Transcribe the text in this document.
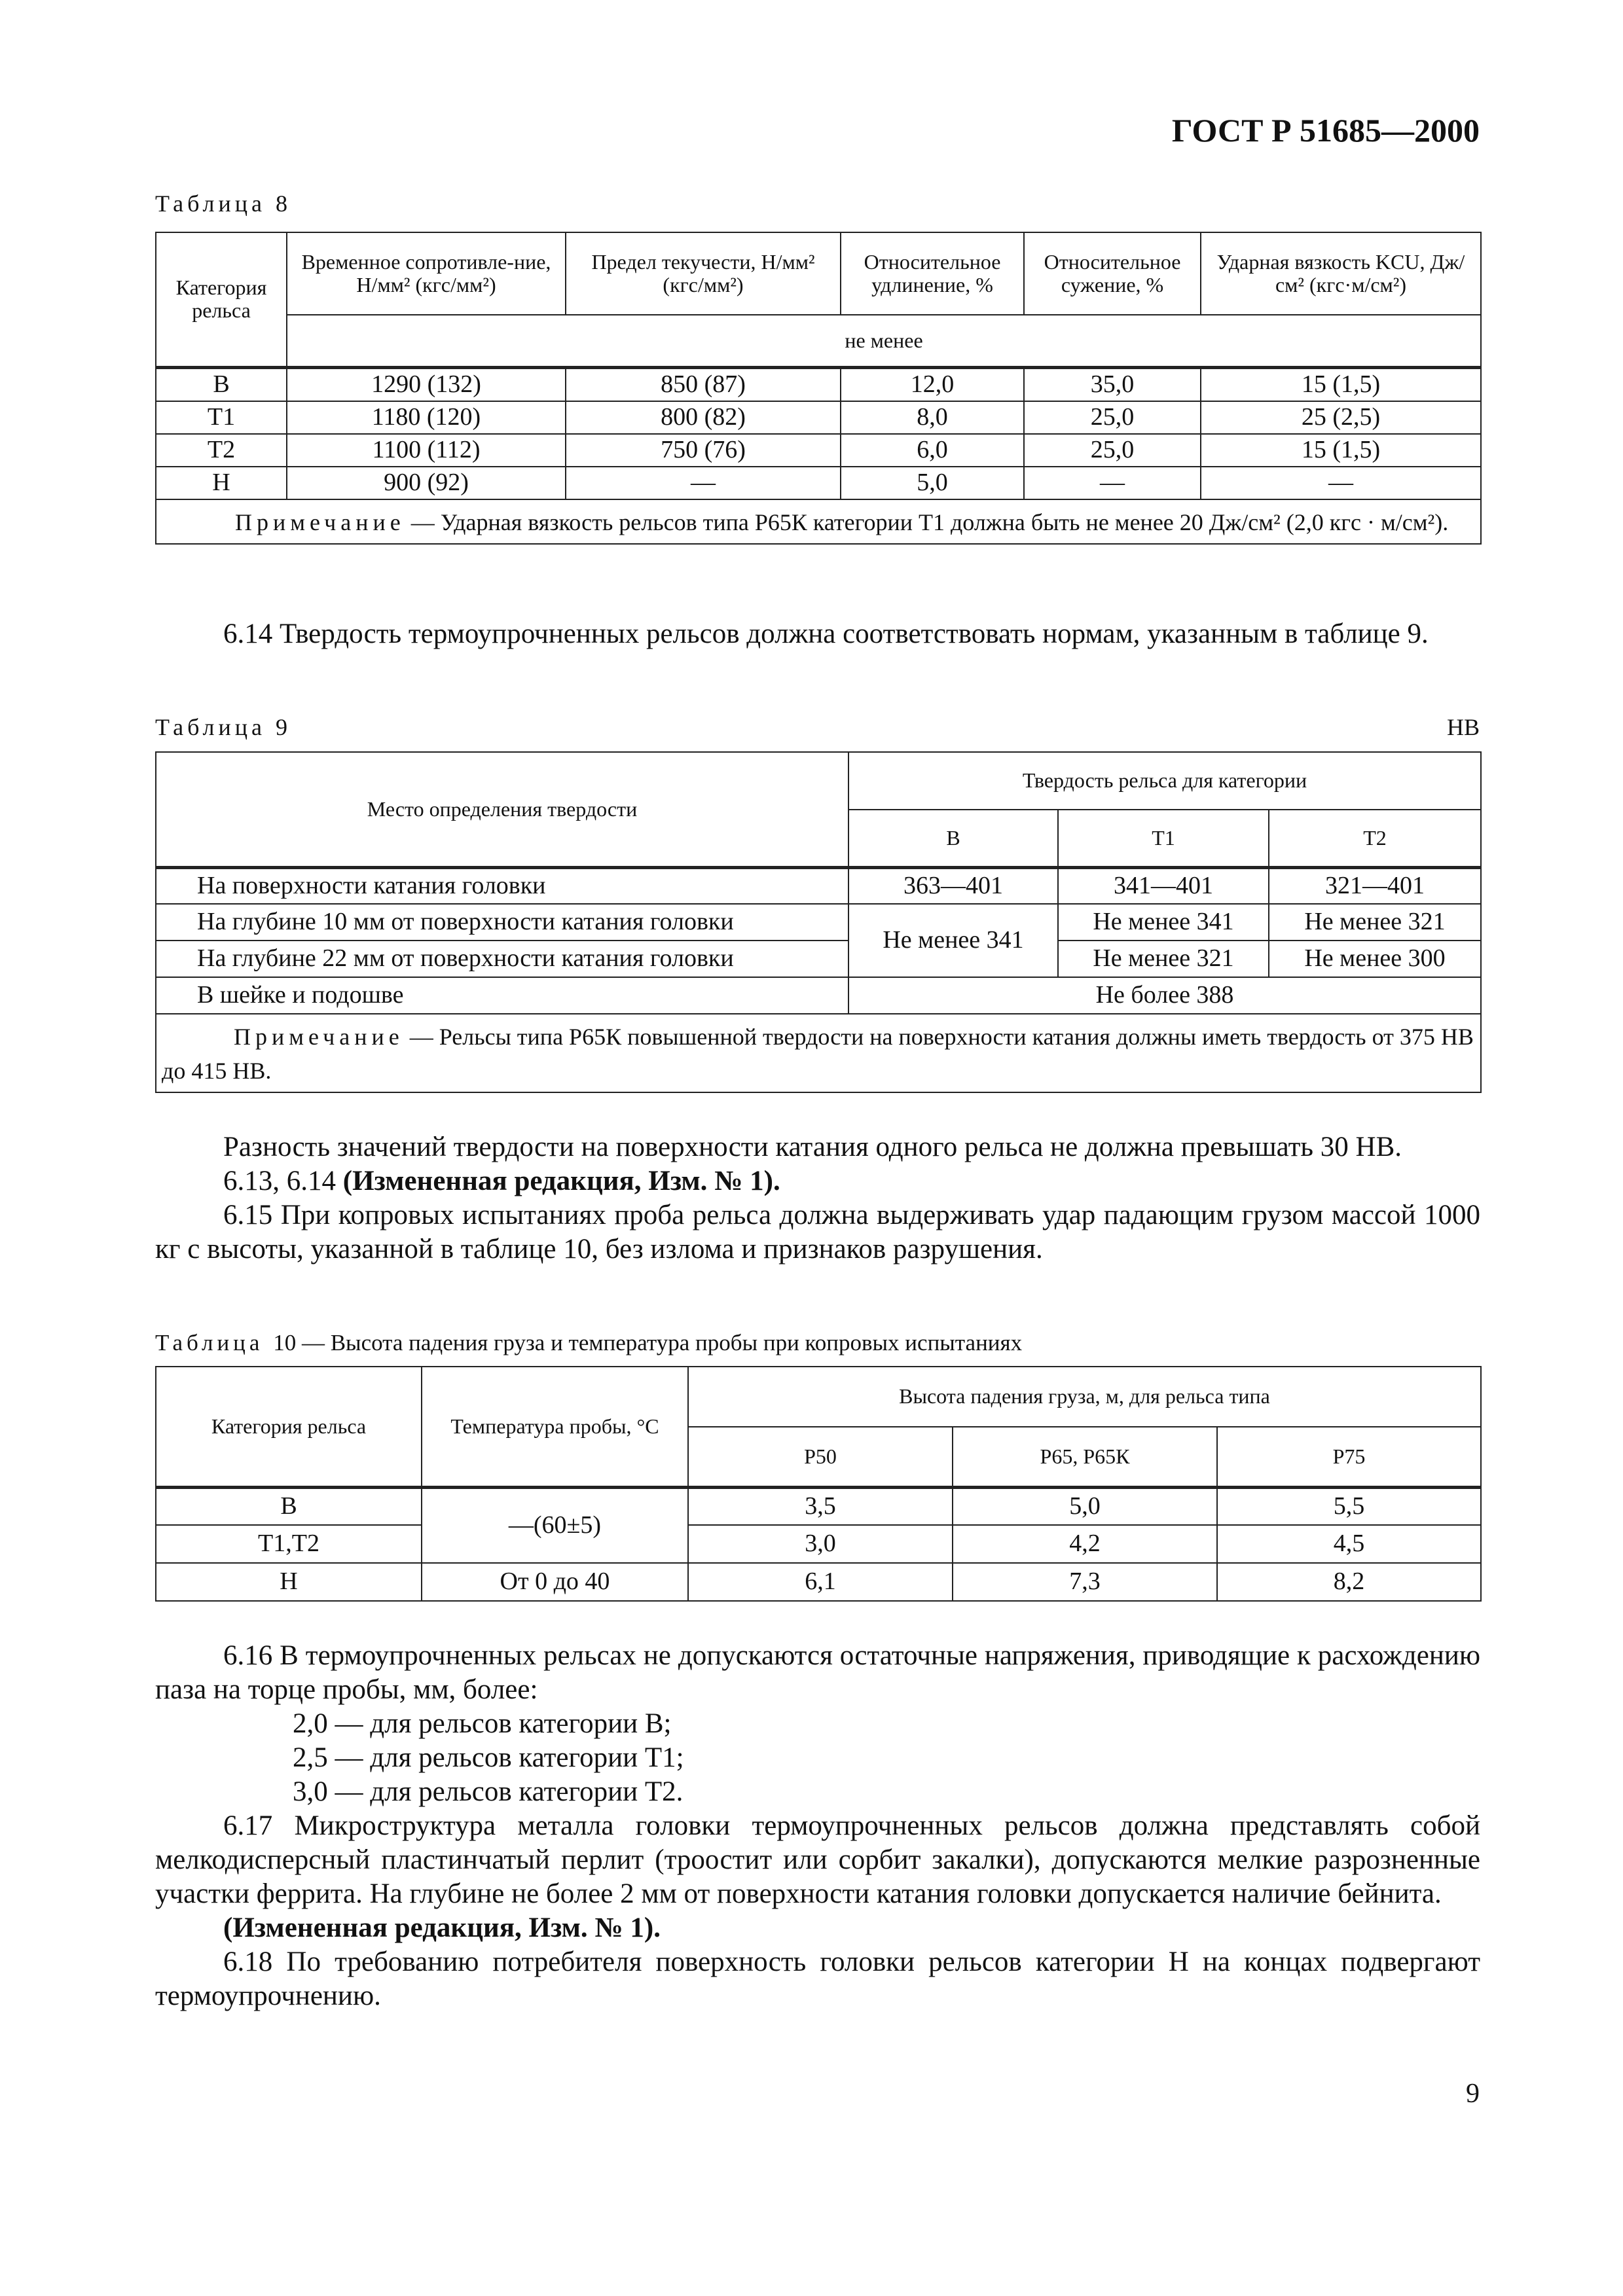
ГОСТ Р 51685—2000
Таблица 8
Категория рельса	Временное сопротивле-ние, Н/мм² (кгс/мм²)	Предел текучести, Н/мм² (кгс/мм²)	Относительное удлинение, %	Относительное сужение, %	Ударная вязкость KCU, Дж/см² (кгс·м/см²)
	не менее				
В	1290 (132)	850 (87)	12,0	35,0	15 (1,5)
Т1	1180 (120)	800 (82)	8,0	25,0	25 (2,5)
Т2	1100 (112)	750 (76)	6,0	25,0	15 (1,5)
Н	900 (92)	—	5,0	—	—
Примечание — Ударная вязкость рельсов типа Р65К категории Т1 должна быть не менее 20 Дж/см² (2,0 кгс · м/см²).					

6.14 Твердость термоупрочненных рельсов должна соответствовать нормам, указанным в таблице 9.

Таблица 9	НВ
Место определения твердости	Твердость рельса для категории		
	В	Т1	Т2
На поверхности катания головки	363—401	341—401	321—401
На глубине 10 мм от поверхности катания головки	Не менее 341	Не менее 341	Не менее 321
На глубине 22 мм от поверхности катания головки		Не менее 321	Не менее 300
В шейке и подошве	Не более 388		
Примечание — Рельсы типа Р65К повышенной твердости на поверхности катания должны иметь твердость от 375 НВ до 415 НВ.			

Разность значений твердости на поверхности катания одного рельса не должна превышать 30 НВ.

6.13, 6.14 (Измененная редакция, Изм. № 1).

6.15 При копровых испытаниях проба рельса должна выдерживать удар падающим грузом массой 1000 кг с высоты, указанной в таблице 10, без излома и признаков разрушения.

Таблица 10 — Высота падения груза и температура пробы при копровых испытаниях
Категория рельса	Температура пробы, °С	Высота падения груза, м, для рельса типа		
		Р50	Р65, Р65К	Р75
В	—(60±5)	3,5	5,0	5,5
Т1,Т2		3,0	4,2	4,5
Н	От 0 до 40	6,1	7,3	8,2

6.16 В термоупрочненных рельсах не допускаются остаточные напряжения, приводящие к расхождению паза на торце пробы, мм, более:

2,0 — для рельсов категории В;

2,5 — для рельсов категории Т1;

3,0 — для рельсов категории Т2.

6.17 Микроструктура металла головки термоупрочненных рельсов должна представлять собой мелкодисперсный пластинчатый перлит (троостит или сорбит закалки), допускаются мелкие разрозненные участки феррита. На глубине не более 2 мм от поверхности катания головки допускается наличие бейнита.

(Измененная редакция, Изм. № 1).

6.18 По требованию потребителя поверхность головки рельсов категории Н на концах подвергают термоупрочнению.

9
